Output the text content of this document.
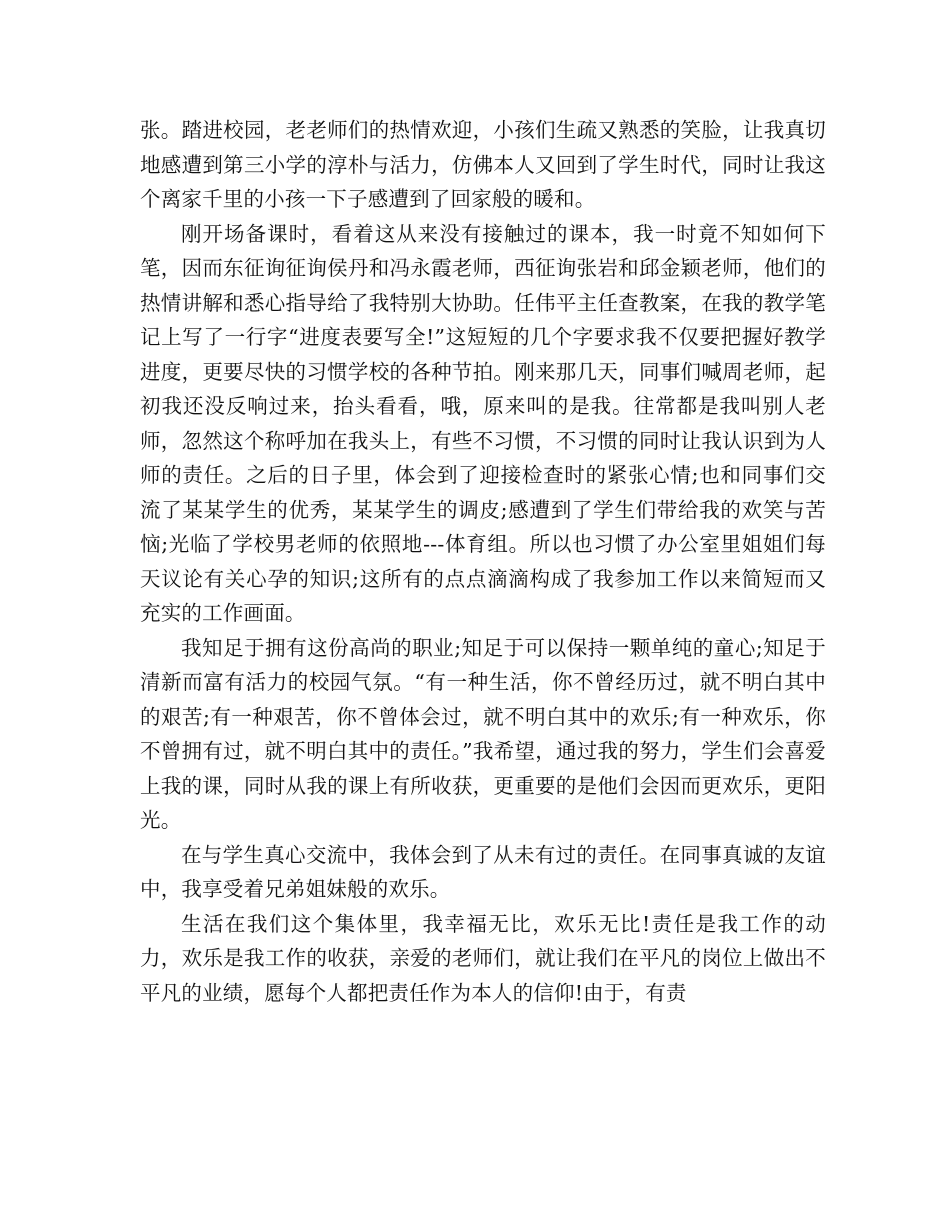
张。踏进校园，老老师们的热情欢迎，小孩们生疏又熟悉的笑脸，让我真切地感遭到第三小学的淳朴与活力，仿佛本人又回到了学生时代，同时让我这个离家千里的小孩一下子感遭到了回家般的暖和。

刚开场备课时，看着这从来没有接触过的课本，我一时竟不知如何下笔，因而东征询征询侯丹和冯永霞老师，西征询张岩和邱金颖老师，他们的热情讲解和悉心指导给了我特别大协助。任伟平主任查教案，在我的教学笔记上写了一行字“进度表要写全!”这短短的几个字要求我不仅要把握好教学进度，更要尽快的习惯学校的各种节拍。刚来那几天，同事们喊周老师，起初我还没反响过来，抬头看看，哦，原来叫的是我。往常都是我叫别人老师，忽然这个称呼加在我头上，有些不习惯，不习惯的同时让我认识到为人师的责任。之后的日子里，体会到了迎接检查时的紧张心情;也和同事们交流了某某学生的优秀，某某学生的调皮;感遭到了学生们带给我的欢笑与苦恼;光临了学校男老师的依照地---体育组。所以也习惯了办公室里姐姐们每天议论有关心孕的知识;这所有的点点滴滴构成了我参加工作以来简短而又充实的工作画面。

我知足于拥有这份高尚的职业;知足于可以保持一颗单纯的童心;知足于清新而富有活力的校园气氛。“有一种生活，你不曾经历过，就不明白其中的艰苦;有一种艰苦，你不曾体会过，就不明白其中的欢乐;有一种欢乐，你不曾拥有过，就不明白其中的责任。”我希望，通过我的努力，学生们会喜爱上我的课，同时从我的课上有所收获，更重要的是他们会因而更欢乐，更阳光。

在与学生真心交流中，我体会到了从未有过的责任。在同事真诚的友谊中，我享受着兄弟姐妹般的欢乐。

生活在我们这个集体里，我幸福无比，欢乐无比!责任是我工作的动力，欢乐是我工作的收获，亲爱的老师们，就让我们在平凡的岗位上做出不平凡的业绩，愿每个人都把责任作为本人的信仰!由于，有责
